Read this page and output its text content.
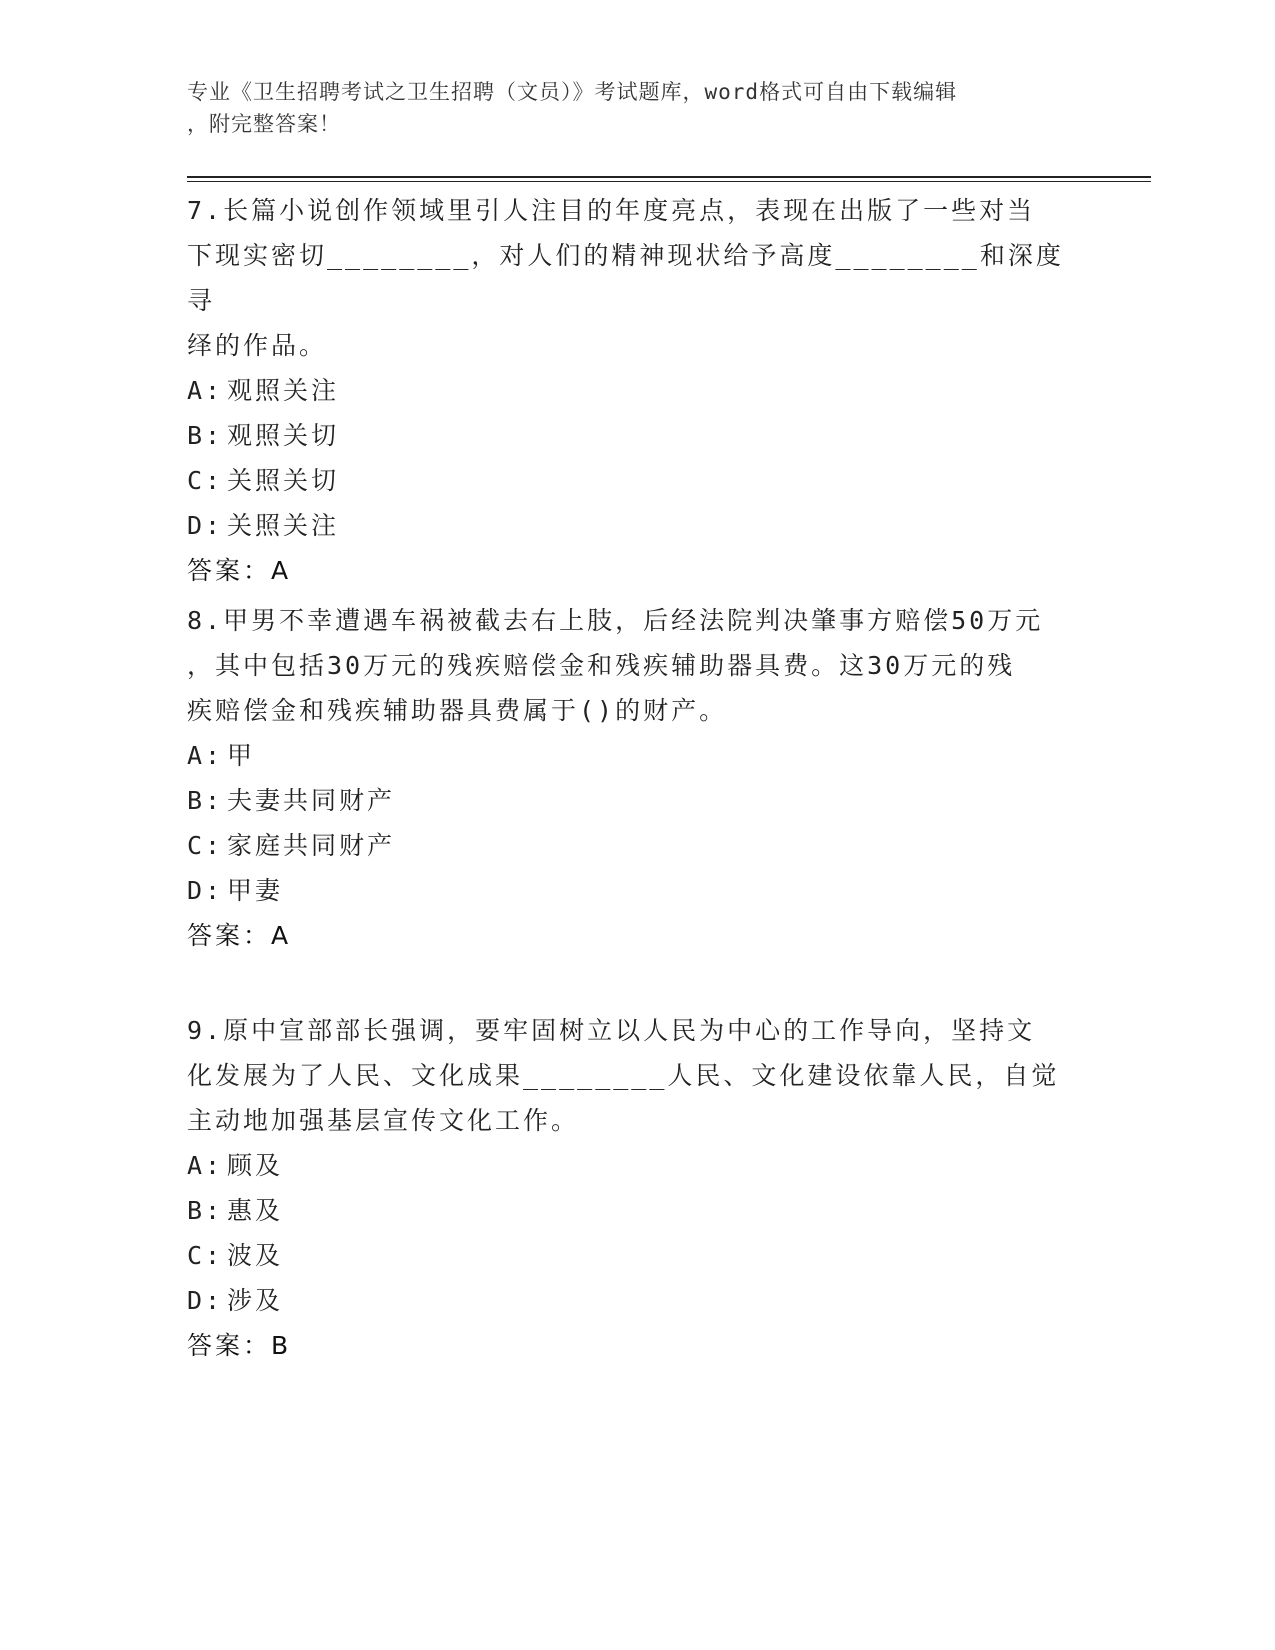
专业《卫生招聘考试之卫生招聘（文员）》考试题库，word格式可自由下载编辑
，附完整答案！

7.长篇小说创作领域里引人注目的年度亮点，表现在出版了一些对当

下现实密切________，对人们的精神现状给予高度________和深度寻

绎的作品。

A: 观照关注

B: 观照关切

C: 关照关切

D: 关照关注

答案：A

8.甲男不幸遭遇车祸被截去右上肢，后经法院判决肇事方赔偿50万元

，其中包括30万元的残疾赔偿金和残疾辅助器具费。这30万元的残

疾赔偿金和残疾辅助器具费属于()的财产。

A: 甲

B: 夫妻共同财产

C: 家庭共同财产

D: 甲妻

答案：A

9.原中宣部部长强调，要牢固树立以人民为中心的工作导向，坚持文

化发展为了人民、文化成果________人民、文化建设依靠人民，自觉

主动地加强基层宣传文化工作。

A: 顾及

B: 惠及

C: 波及

D: 涉及

答案：B
